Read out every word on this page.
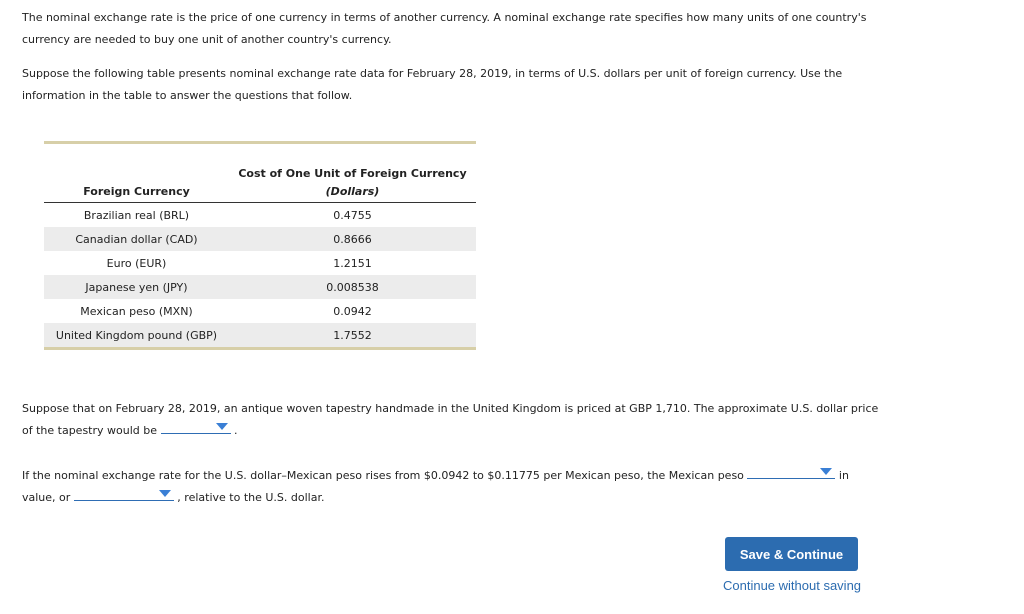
The nominal exchange rate is the price of one currency in terms of another currency. A nominal exchange rate specifies how many units of one country's currency are needed to buy one unit of another country's currency.

Suppose the following table presents nominal exchange rate data for February 28, 2019, in terms of U.S. dollars per unit of foreign currency. Use the information in the table to answer the questions that follow.

	Cost of One Unit of Foreign Currency
Foreign Currency	(Dollars)
Brazilian real (BRL)	0.4755
Canadian dollar (CAD)	0.8666
Euro (EUR)	1.2151
Japanese yen (JPY)	0.008538
Mexican peso (MXN)	0.0942
United Kingdom pound (GBP)	1.7552

Suppose that on February 28, 2019, an antique woven tapestry handmade in the United Kingdom is priced at GBP 1,710. The approximate U.S. dollar price of the tapestry would be	.

If the nominal exchange rate for the U.S. dollar–Mexican peso rises from $0.0942 to $0.11775 per Mexican peso, the Mexican peso	in value, or	, relative to the U.S. dollar.

Save & Continue
Continue without saving
